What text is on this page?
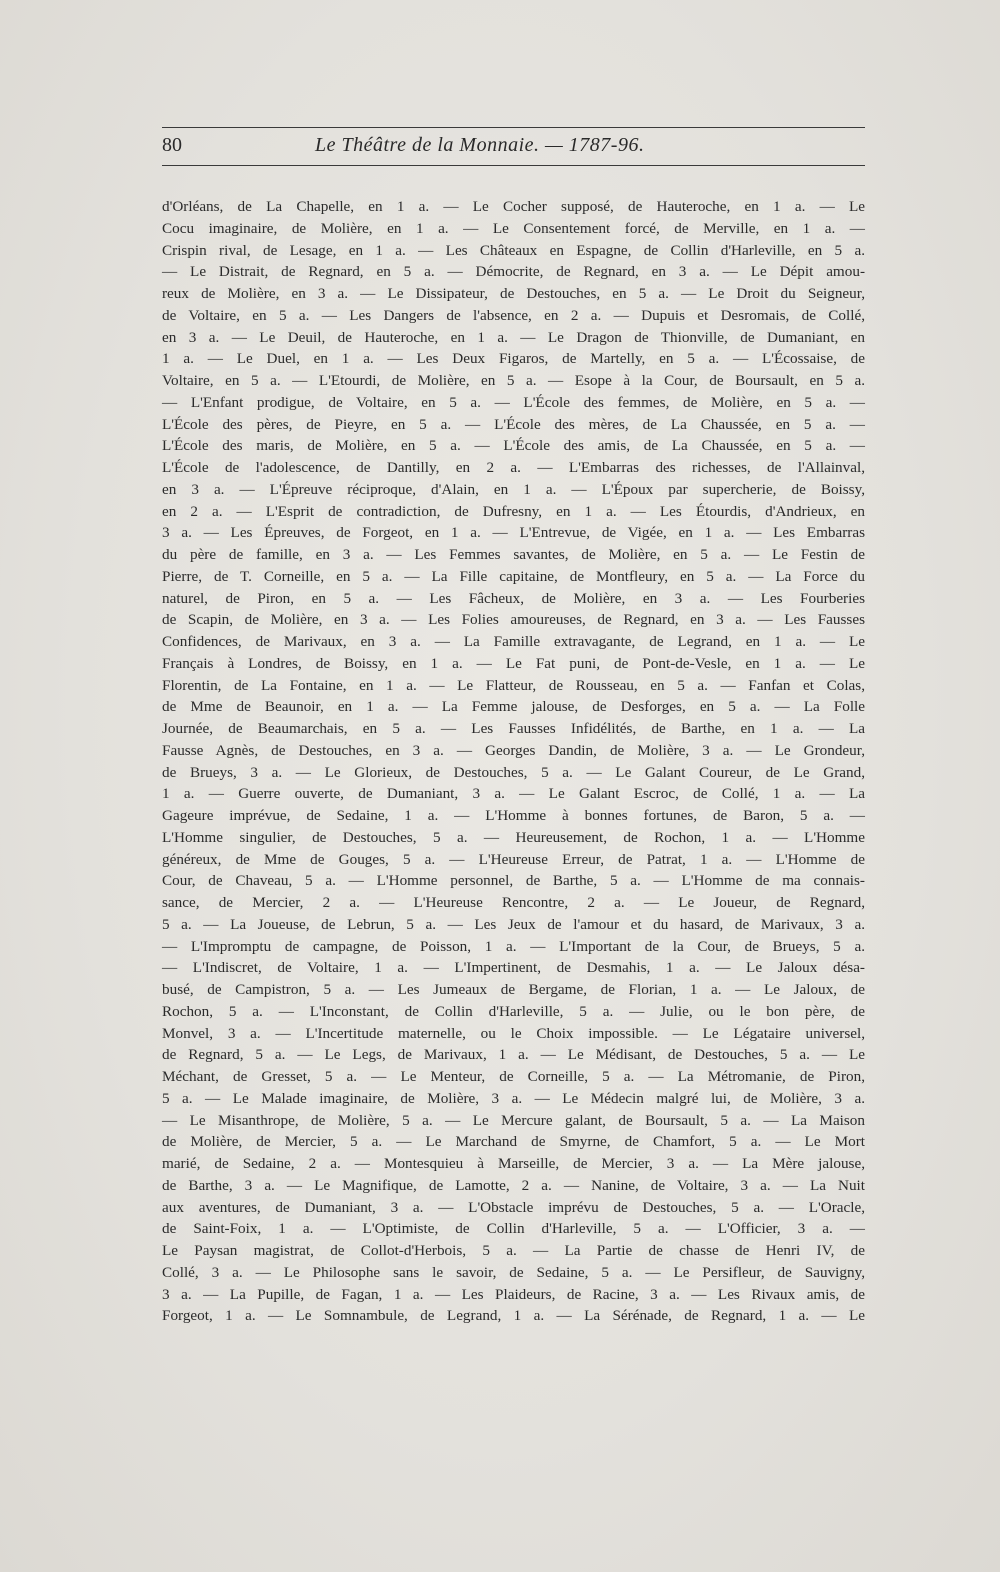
80	Le Théâtre de la Monnaie. — 1787-96.
d'Orléans, de La Chapelle, en 1 a. — Le Cocher supposé, de Hauteroche, en 1 a. — Le
Cocu imaginaire, de Molière, en 1 a. — Le Consentement forcé, de Merville, en 1 a. —
Crispin rival, de Lesage, en 1 a. — Les Châteaux en Espagne, de Collin d'Harleville, en 5 a.
— Le Distrait, de Regnard, en 5 a. — Démocrite, de Regnard, en 3 a. — Le Dépit amou-
reux de Molière, en 3 a. — Le Dissipateur, de Destouches, en 5 a. — Le Droit du Seigneur,
de Voltaire, en 5 a. — Les Dangers de l'absence, en 2 a. — Dupuis et Desromais, de Collé,
en 3 a. — Le Deuil, de Hauteroche, en 1 a. — Le Dragon de Thionville, de Dumaniant, en
1 a. — Le Duel, en 1 a. — Les Deux Figaros, de Martelly, en 5 a. — L'Écossaise, de
Voltaire, en 5 a. — L'Etourdi, de Molière, en 5 a. — Esope à la Cour, de Boursault, en 5 a.
— L'Enfant prodigue, de Voltaire, en 5 a. — L'École des femmes, de Molière, en 5 a. —
L'École des pères, de Pieyre, en 5 a. — L'École des mères, de La Chaussée, en 5 a. —
L'École des maris, de Molière, en 5 a. — L'École des amis, de La Chaussée, en 5 a. —
L'École de l'adolescence, de Dantilly, en 2 a. — L'Embarras des richesses, de l'Allainval,
en 3 a. — L'Épreuve réciproque, d'Alain, en 1 a. — L'Époux par supercherie, de Boissy,
en 2 a. — L'Esprit de contradiction, de Dufresny, en 1 a. — Les Étourdis, d'Andrieux, en
3 a. — Les Épreuves, de Forgeot, en 1 a. — L'Entrevue, de Vigée, en 1 a. — Les Embarras
du père de famille, en 3 a. — Les Femmes savantes, de Molière, en 5 a. — Le Festin de
Pierre, de T. Corneille, en 5 a. — La Fille capitaine, de Montfleury, en 5 a. — La Force du
naturel, de Piron, en 5 a. — Les Fâcheux, de Molière, en 3 a. — Les Fourberies
de Scapin, de Molière, en 3 a. — Les Folies amoureuses, de Regnard, en 3 a. — Les Fausses
Confidences, de Marivaux, en 3 a. — La Famille extravagante, de Legrand, en 1 a. — Le
Français à Londres, de Boissy, en 1 a. — Le Fat puni, de Pont-de-Vesle, en 1 a. — Le
Florentin, de La Fontaine, en 1 a. — Le Flatteur, de Rousseau, en 5 a. — Fanfan et Colas,
de Mme de Beaunoir, en 1 a. — La Femme jalouse, de Desforges, en 5 a. — La Folle
Journée, de Beaumarchais, en 5 a. — Les Fausses Infidélités, de Barthe, en 1 a. — La
Fausse Agnès, de Destouches, en 3 a. — Georges Dandin, de Molière, 3 a. — Le Grondeur,
de Brueys, 3 a. — Le Glorieux, de Destouches, 5 a. — Le Galant Coureur, de Le Grand,
1 a. — Guerre ouverte, de Dumaniant, 3 a. — Le Galant Escroc, de Collé, 1 a. — La
Gageure imprévue, de Sedaine, 1 a. — L'Homme à bonnes fortunes, de Baron, 5 a. —
L'Homme singulier, de Destouches, 5 a. — Heureusement, de Rochon, 1 a. — L'Homme
généreux, de Mme de Gouges, 5 a. — L'Heureuse Erreur, de Patrat, 1 a. — L'Homme de
Cour, de Chaveau, 5 a. — L'Homme personnel, de Barthe, 5 a. — L'Homme de ma connais-
sance, de Mercier, 2 a. — L'Heureuse Rencontre, 2 a. — Le Joueur, de Regnard,
5 a. — La Joueuse, de Lebrun, 5 a. — Les Jeux de l'amour et du hasard, de Marivaux, 3 a.
— L'Impromptu de campagne, de Poisson, 1 a. — L'Important de la Cour, de Brueys, 5 a.
— L'Indiscret, de Voltaire, 1 a. — L'Impertinent, de Desmahis, 1 a. — Le Jaloux désa-
busé, de Campistron, 5 a. — Les Jumeaux de Bergame, de Florian, 1 a. — Le Jaloux, de
Rochon, 5 a. — L'Inconstant, de Collin d'Harleville, 5 a. — Julie, ou le bon père, de
Monvel, 3 a. — L'Incertitude maternelle, ou le Choix impossible. — Le Légataire universel,
de Regnard, 5 a. — Le Legs, de Marivaux, 1 a. — Le Médisant, de Destouches, 5 a. — Le
Méchant, de Gresset, 5 a. — Le Menteur, de Corneille, 5 a. — La Métromanie, de Piron,
5 a. — Le Malade imaginaire, de Molière, 3 a. — Le Médecin malgré lui, de Molière, 3 a.
— Le Misanthrope, de Molière, 5 a. — Le Mercure galant, de Boursault, 5 a. — La Maison
de Molière, de Mercier, 5 a. — Le Marchand de Smyrne, de Chamfort, 5 a. — Le Mort
marié, de Sedaine, 2 a. — Montesquieu à Marseille, de Mercier, 3 a. — La Mère jalouse,
de Barthe, 3 a. — Le Magnifique, de Lamotte, 2 a. — Nanine, de Voltaire, 3 a. — La Nuit
aux aventures, de Dumaniant, 3 a. — L'Obstacle imprévu de Destouches, 5 a. — L'Oracle,
de Saint-Foix, 1 a. — L'Optimiste, de Collin d'Harleville, 5 a. — L'Officier, 3 a. —
Le Paysan magistrat, de Collot-d'Herbois, 5 a. — La Partie de chasse de Henri IV, de
Collé, 3 a. — Le Philosophe sans le savoir, de Sedaine, 5 a. — Le Persifleur, de Sauvigny,
3 a. — La Pupille, de Fagan, 1 a. — Les Plaideurs, de Racine, 3 a. — Les Rivaux amis, de
Forgeot, 1 a. — Le Somnambule, de Legrand, 1 a. — La Sérénade, de Regnard, 1 a. — Le
